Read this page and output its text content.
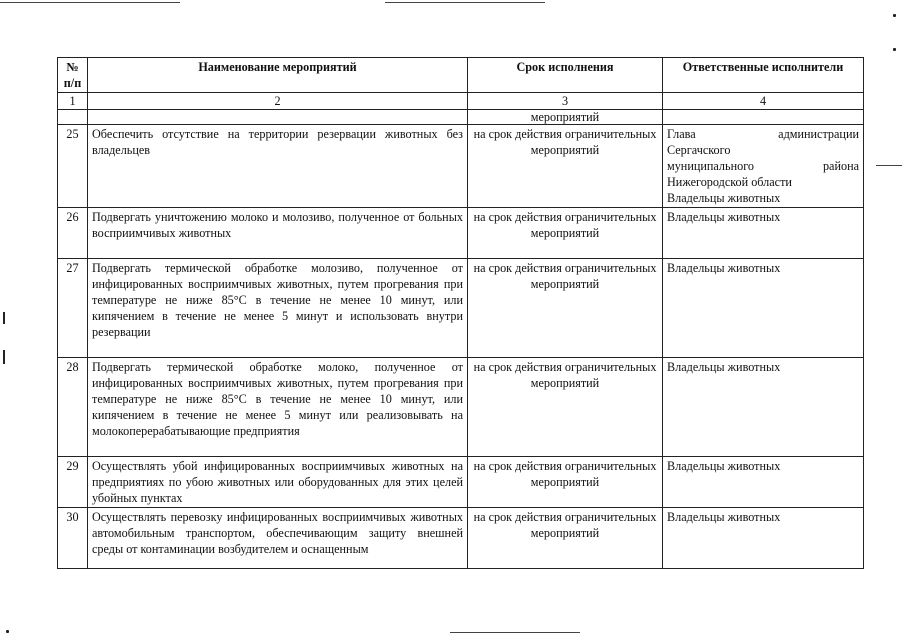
№ п/п	Наименование мероприятий	Срок исполнения	Ответственные исполнители
1	2	3	4
		мероприятий	
25	Обеспечить отсутствие на территории резервации животных без владельцев	на срок действия ограничительных мероприятий	Глава администрации
Сергачского
муниципального района
Нижегородской области
Владельцы животных

26	Подвергать уничтожению молоко и молозиво, полученное от больных восприимчивых животных	на срок действия ограничительных мероприятий	Владельцы животных
27	Подвергать термической обработке молозиво, полученное от инфицированных восприимчивых животных, путем прогревания при температуре не ниже 85°С в течение не менее 10 минут, или кипячением в течение не менее 5 минут и использовать внутри резервации	на срок действия ограничительных мероприятий	Владельцы животных
28	Подвергать термической обработке молоко, полученное от инфицированных восприимчивых животных, путем прогревания при температуре не ниже 85°С в течение не менее 10 минут, или кипячением в течение не менее 5 минут или реализовывать на молокоперерабатывающие предприятия	на срок действия ограничительных мероприятий	Владельцы животных
29	Осуществлять убой инфицированных восприимчивых животных на предприятиях по убою животных или оборудованных для этих целей убойных пунктах	на срок действия ограничительных мероприятий	Владельцы животных
30	Осуществлять перевозку инфицированных восприимчивых животных автомобильным транспортом, обеспечивающим защиту внешней среды от контаминации возбудителем и оснащенным	на срок действия ограничительных мероприятий	Владельцы животных
